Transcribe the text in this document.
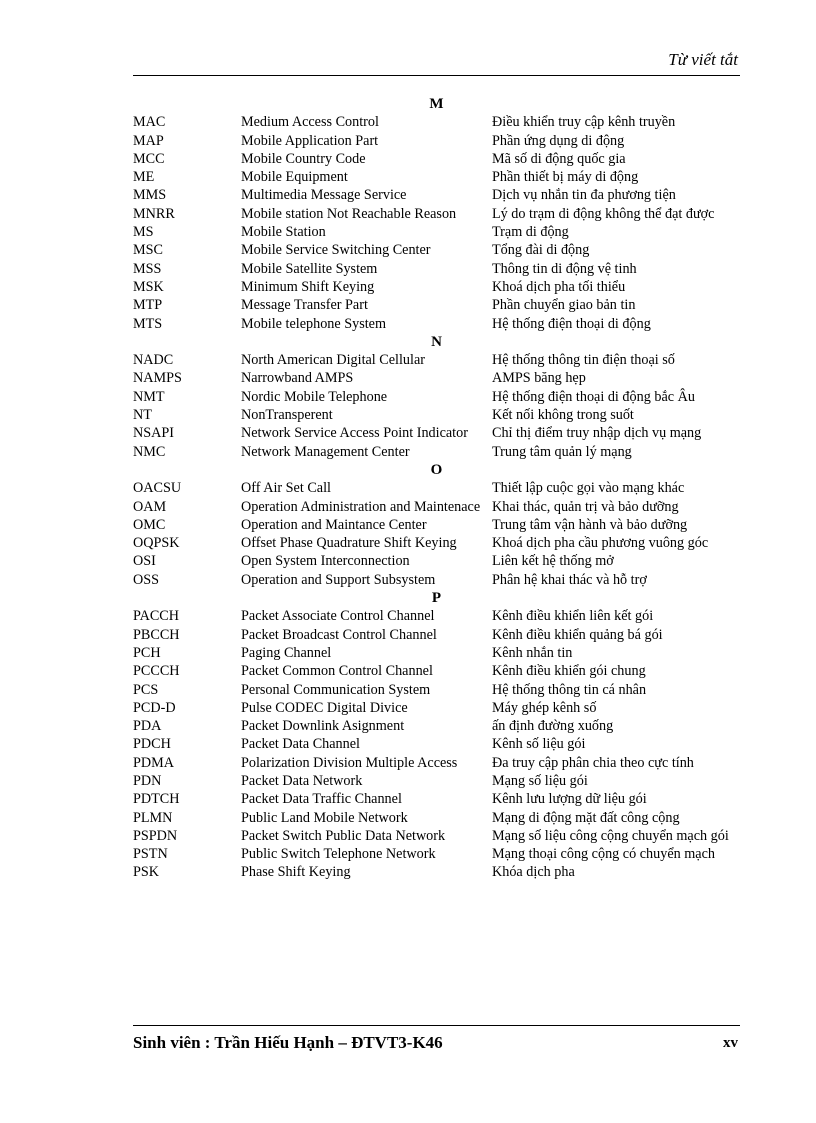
Từ viết tắt
M		
MAC	Medium Access Control	Điều khiển truy cập kênh truyền
MAP	Mobile Application Part	Phần ứng dụng di động
MCC	Mobile Country Code	Mã số di động quốc gia
ME	Mobile Equipment	Phần thiết bị máy di động
MMS	Multimedia Message Service	Dịch vụ nhắn tin đa phương tiện
MNRR	Mobile station Not Reachable Reason	Lý do trạm di động không thể đạt được
MS	Mobile Station	Trạm di động
MSC	Mobile Service Switching Center	Tổng đài di động
MSS	Mobile Satellite System	Thông tin di động vệ tinh
MSK	Minimum Shift Keying	Khoá dịch pha tối thiểu
MTP	Message Transfer Part	Phần chuyển giao bản tin
MTS	Mobile telephone System	Hệ thống điện thoại di động
N		
NADC	North American Digital Cellular	Hệ thống thông tin điện thoại số
NAMPS	Narrowband AMPS	AMPS băng hẹp
NMT	Nordic Mobile Telephone	Hệ thống điện thoại di động bắc Âu
NT	NonTransperent	Kết nối không trong suốt
NSAPI	Network Service Access Point Indicator	Chỉ thị điểm truy nhập dịch vụ mạng
NMC	Network Management Center	Trung tâm quản lý mạng
O		
OACSU	Off Air Set Call	Thiết lập cuộc gọi vào mạng khác
OAM	Operation Administration and Maintenace	Khai thác, quản trị và bảo dưỡng
OMC	Operation and Maintance Center	Trung tâm vận hành và bảo dưỡng
OQPSK	Offset Phase Quadrature Shift Keying	Khoá dịch pha cầu phương vuông góc
OSI	Open System Interconnection	Liên kết hệ thống mở
OSS	Operation and Support Subsystem	Phân hệ khai thác và hỗ trợ
P		
PACCH	Packet Associate Control Channel	Kênh điều khiển liên kết gói
PBCCH	Packet Broadcast Control Channel	Kênh điều khiển quảng bá gói
PCH	Paging Channel	Kênh nhắn tin
PCCCH	Packet Common Control Channel	Kênh điều khiển gói chung
PCS	Personal Communication System	Hệ thống thông tin cá nhân
PCD-D	Pulse CODEC Digital Divice	Máy ghép kênh số
PDA	Packet Downlink Asignment	ấn định đường xuống
PDCH	Packet Data Channel	Kênh số liệu gói
PDMA	Polarization Division Multiple Access	Đa truy cập phân chia theo cực tính
PDN	Packet Data Network	Mạng số liệu gói
PDTCH	Packet Data Traffic Channel	Kênh lưu lượng dữ liệu gói
PLMN	Public Land Mobile Network	Mạng di động mặt đất công cộng
PSPDN	Packet Switch Public Data Network	Mạng số liệu công cộng chuyển mạch gói
PSTN	Public Switch Telephone Network	Mạng thoại công cộng có chuyển mạch
PSK	Phase Shift Keying	Khóa dịch pha
Sinh viên : Trần Hiếu Hạnh – ĐTVT3-K46	xv
